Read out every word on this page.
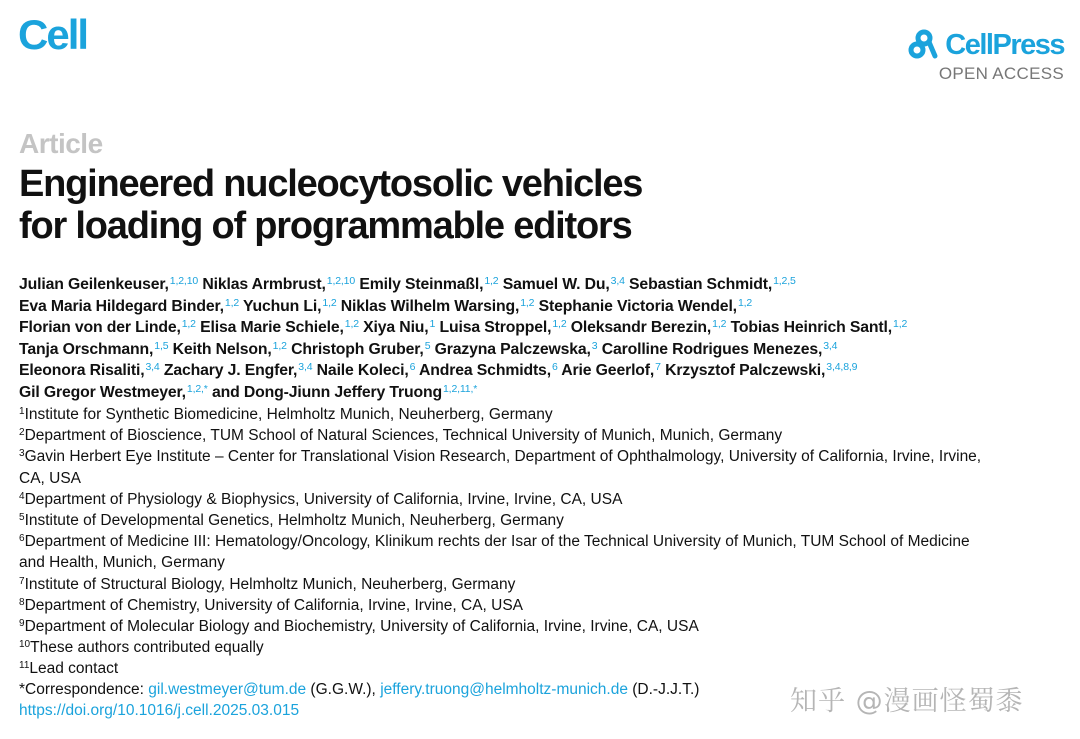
Cell	CellPress
OPEN ACCESS
Article
Engineered nucleocytosolic vehicles
for loading of programmable editors
Julian Geilenkeuser,$^{1,2,10}$ Niklas Armbrust,$^{1,2,10}$ Emily Steinmaßl,$^{1,2}$ Samuel W. Du,$^{3,4}$ Sebastian Schmidt,$^{1,2,5}$
Eva Maria Hildegard Binder,$^{1,2}$ Yuchun Li,$^{1,2}$ Niklas Wilhelm Warsing,$^{1,2}$ Stephanie Victoria Wendel,$^{1,2}$
Florian von der Linde,$^{1,2}$ Elisa Marie Schiele,$^{1,2}$ Xiya Niu,$^1$ Luisa Stroppel,$^{1,2}$ Oleksandr Berezin,$^{1,2}$ Tobias Heinrich Santl,$^{1,2}$
Tanja Orschmann,$^{1,5}$ Keith Nelson,$^{1,2}$ Christoph Gruber,$^5$ Grazyna Palczewska,$^3$ Carolline Rodrigues Menezes,$^{3,4}$
Eleonora Risaliti,$^{3,4}$ Zachary J. Engfer,$^{3,4}$ Naile Koleci,$^6$ Andrea Schmidts,$^6$ Arie Geerlof,$^7$ Krzysztof Palczewski,$^{3,4,8,9}$
Gil Gregor Westmeyer,$^{1,2,*}$ and Dong-Jiunn Jeffery Truong$^{1,2,11,*}$
$^1$Institute for Synthetic Biomedicine, Helmholtz Munich, Neuherberg, Germany
$^2$Department of Bioscience, TUM School of Natural Sciences, Technical University of Munich, Munich, Germany
$^3$Gavin Herbert Eye Institute – Center for Translational Vision Research, Department of Ophthalmology, University of California, Irvine, Irvine,
CA, USA
$^4$Department of Physiology & Biophysics, University of California, Irvine, Irvine, CA, USA
$^5$Institute of Developmental Genetics, Helmholtz Munich, Neuherberg, Germany
$^6$Department of Medicine III: Hematology/Oncology, Klinikum rechts der Isar of the Technical University of Munich, TUM School of Medicine
and Health, Munich, Germany
$^7$Institute of Structural Biology, Helmholtz Munich, Neuherberg, Germany
$^8$Department of Chemistry, University of California, Irvine, Irvine, CA, USA
$^9$Department of Molecular Biology and Biochemistry, University of California, Irvine, Irvine, CA, USA
$^{10}$These authors contributed equally
$^{11}$Lead contact
*Correspondence: gil.westmeyer@tum.de (G.G.W.), jeffery.truong@helmholtz-munich.de (D.-J.J.T.)
https://doi.org/10.1016/j.cell.2025.03.015	知乎 @漫画怪蜀黍
